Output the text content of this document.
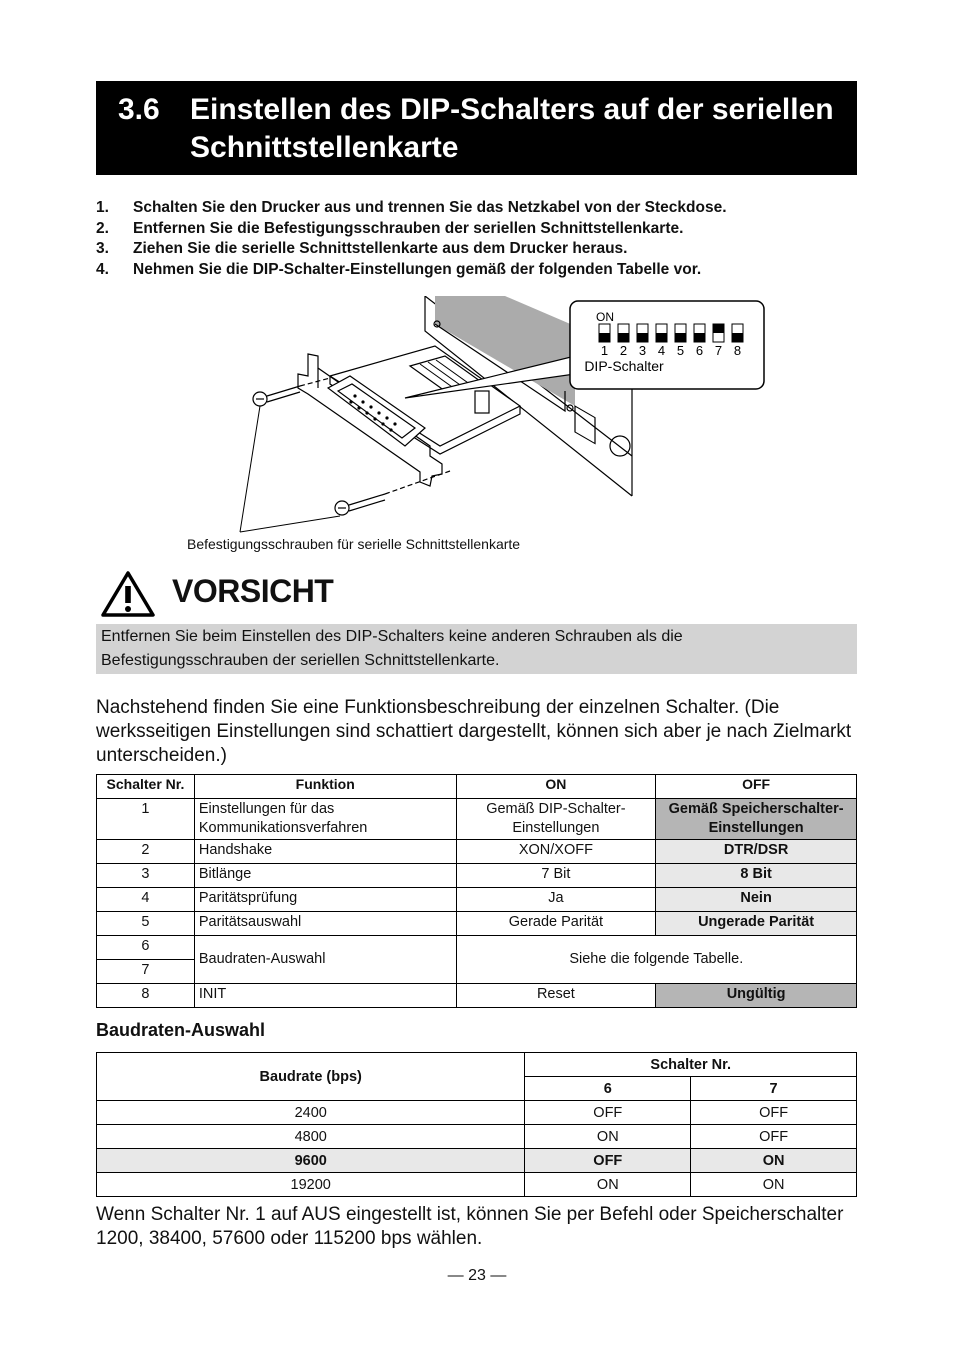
3.6 Einstellen des DIP-Schalters auf der seriellen Schnittstellenkarte
1. Schalten Sie den Drucker aus und trennen Sie das Netzkabel von der Steckdose.
2. Entfernen Sie die Befestigungsschrauben der seriellen Schnittstellenkarte.
3. Ziehen Sie die serielle Schnittstellenkarte aus dem Drucker heraus.
4. Nehmen Sie die DIP-Schalter-Einstellungen gemäß der folgenden Tabelle vor.
ON
1 2 3 4 5 6 7 8
DIP-Schalter
Befestigungsschrauben für serielle Schnittstellenkarte
VORSICHT
Entfernen Sie beim Einstellen des DIP-Schalters keine anderen Schrauben als die Befestigungsschrauben der seriellen Schnittstellenkarte.

Nachstehend finden Sie eine Funktionsbeschreibung der einzelnen Schalter. (Die werksseitigen Einstellungen sind schattiert dargestellt, können sich aber je nach Zielmarkt unterscheiden.)

Schalter Nr.	Funktion	ON	OFF
1	Einstellungen für das Kommunikationsverfahren	Gemäß DIP-Schalter-Einstellungen	Gemäß Speicherschalter-Einstellungen
2	Handshake	XON/XOFF	DTR/DSR
3	Bitlänge	7 Bit	8 Bit
4	Paritätsprüfung	Ja	Nein
5	Paritätsauswahl	Gerade Parität	Ungerade Parität
6	Baudraten-Auswahl	Siehe die folgende Tabelle.	
7			
8	INIT	Reset	Ungültig
Baudraten-Auswahl
Baudrate (bps)	Schalter Nr.	
	6	7
2400	OFF	OFF
4800	ON	OFF
9600	OFF	ON
19200	ON	ON

Wenn Schalter Nr. 1 auf AUS eingestellt ist, können Sie per Befehl oder Speicherschalter 1200, 38400, 57600 oder 115200 bps wählen.

— 23 —
